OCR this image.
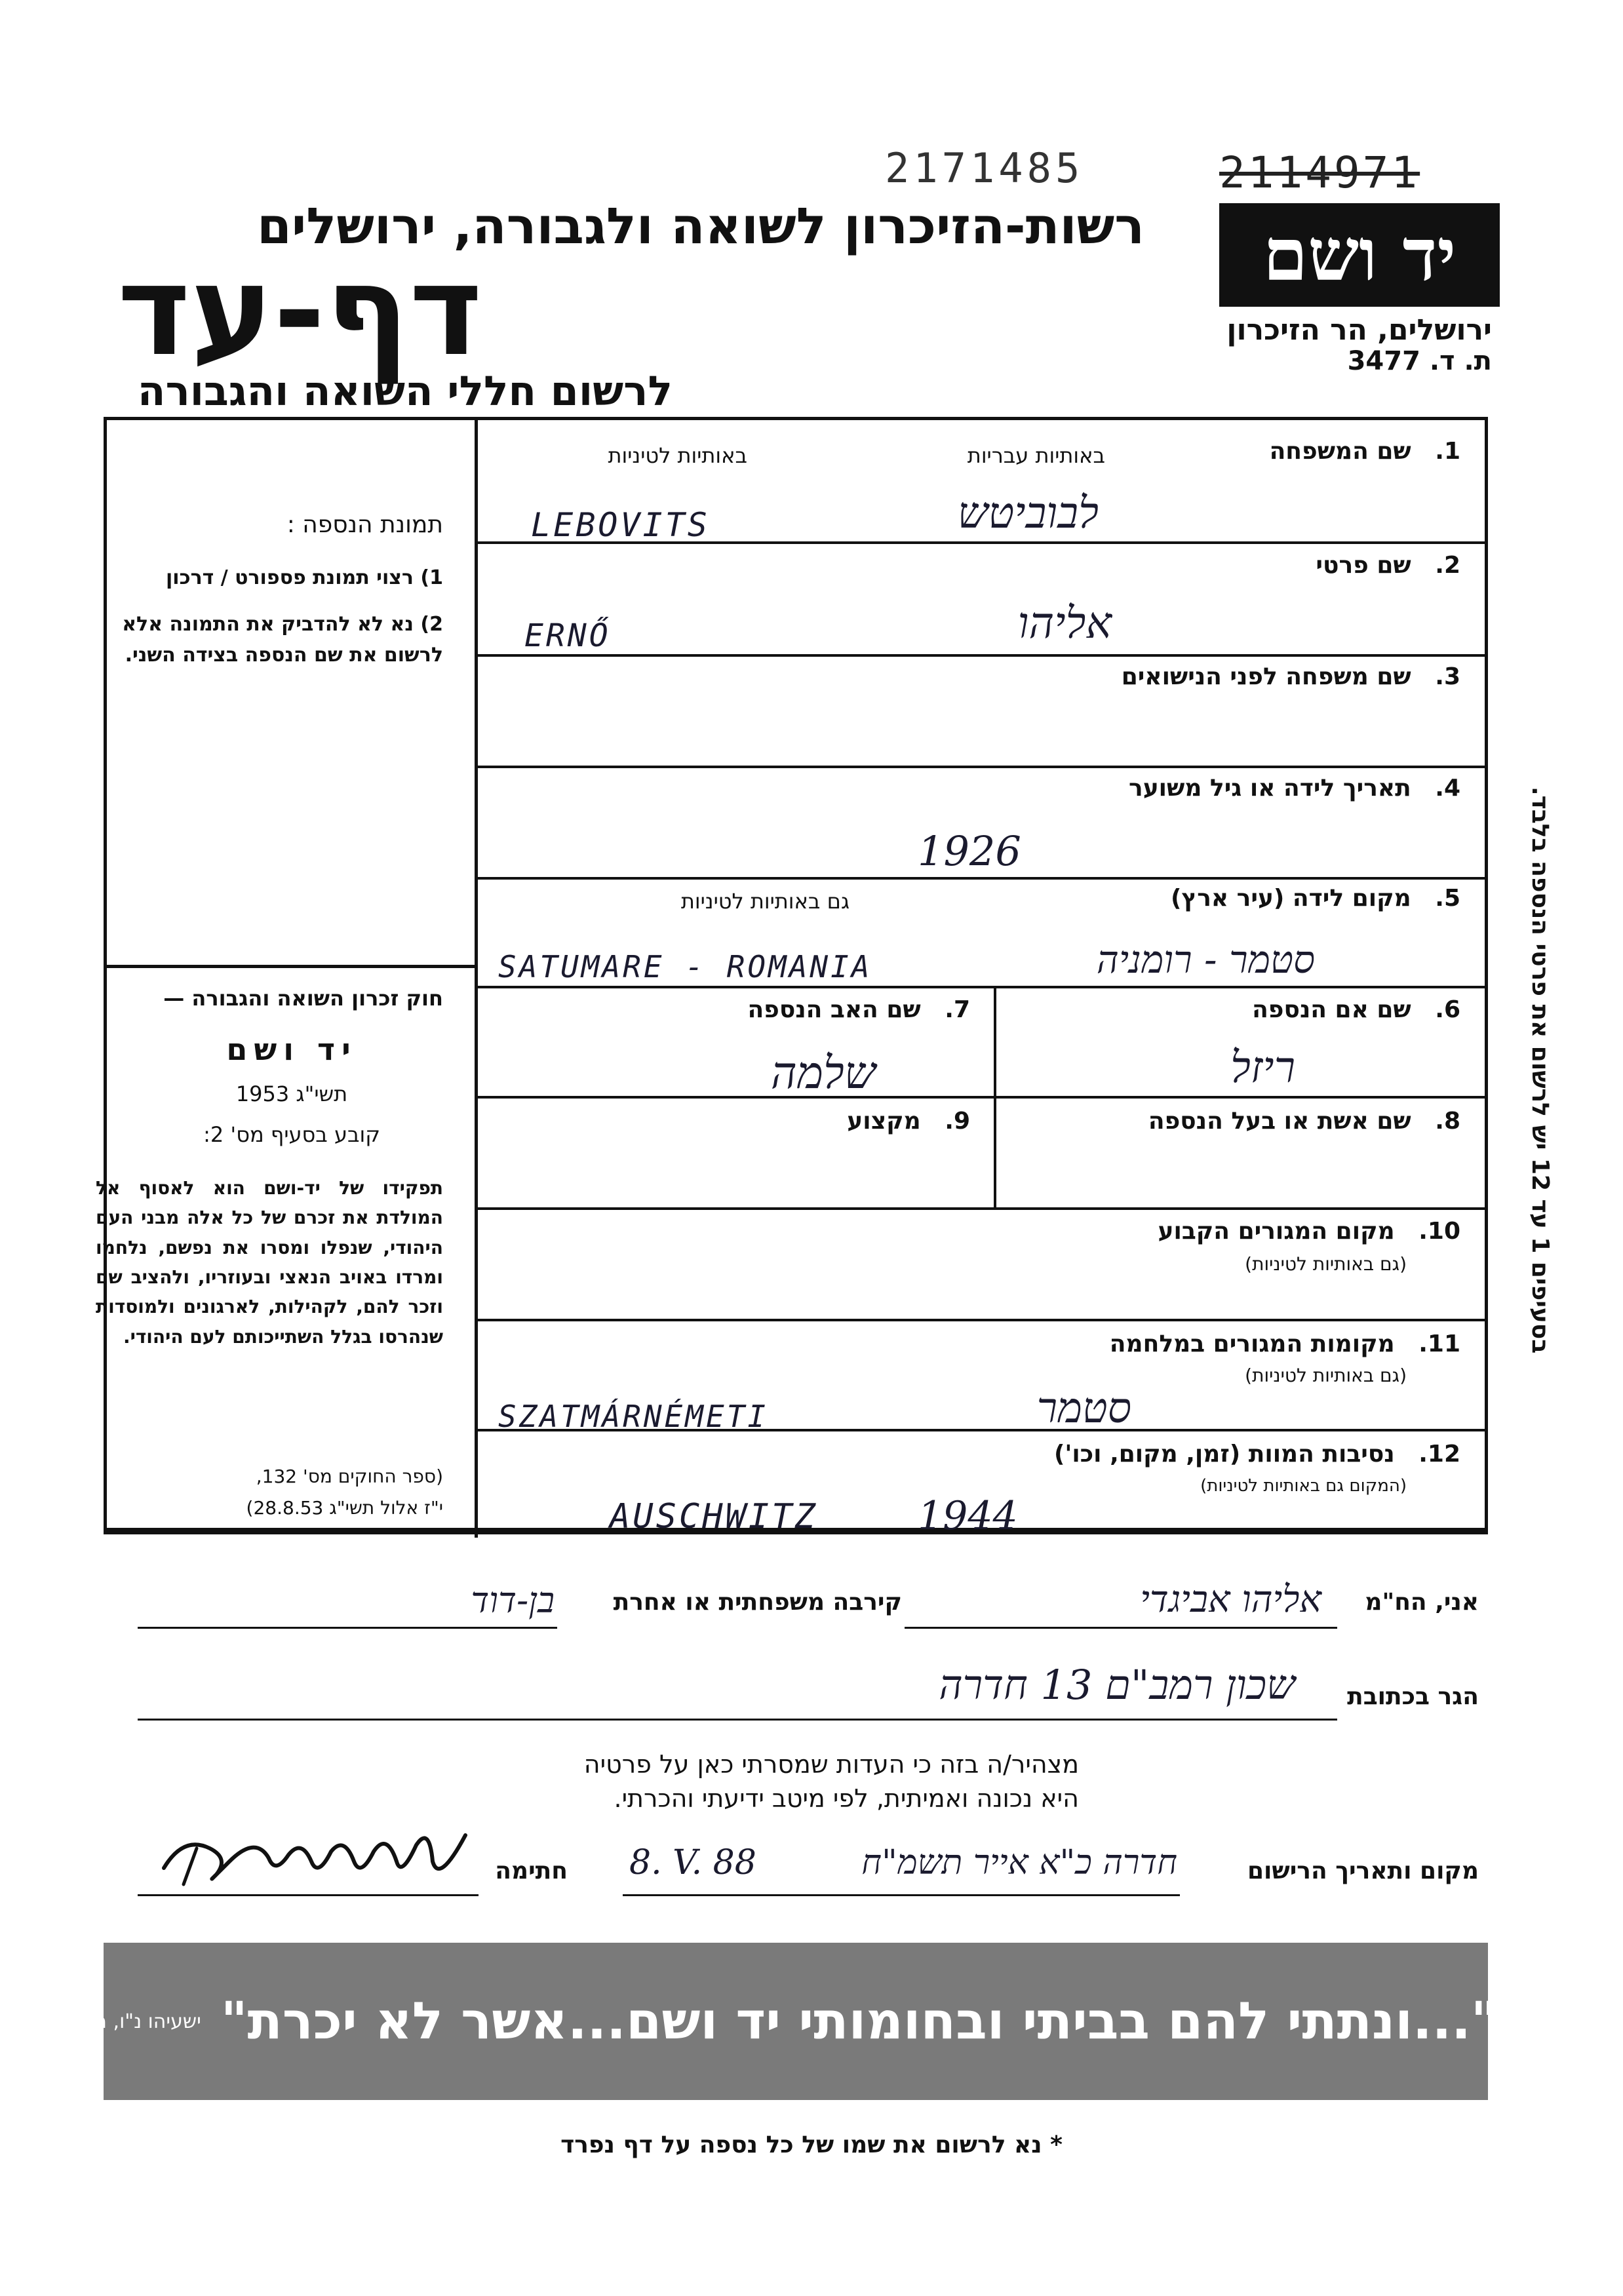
2171485	2114971
רשות-הזיכרון לשואה ולגבורה, ירושלים
דף-עד
לרשום חללי השואה והגבורה
יד ושם
ירושלים, הר הזיכרון
ת. ד. 3477
תמונת הנספה :
1) רצוי תמונת פספורט / דרכון
2) נא לא להדביק את התמונה אלא לרשום את שם הנספה בצידה השני.
חוק זכרון השואה והגבורה —
יד ושם
תשי"ג 1953
קובע בסעיף מס' 2:
תפקידו של יד-ושם הוא לאסוף אל המולדת את זכרם של כל אלה מבני העם היהודי, שנפלו ומסרו את נפשם, נלחמו ומרדו באויב הנאצי ובעוזריו, ולהציב שם וזכר להם, לקהילות, לארגונים ולמוסדות שנהרסו בגלל השתייכותם לעם היהודי.
(ספר החוקים מס' 132,
י"ז אלול תשי"ג 28.8.53)
1. שם המשפחה
באותיות עבריות
באותיות לטיניות
לבוביטש
LEBOVITS
2. שם פרטי
אליהו
ERNŐ
3. שם משפחה לפני הנישואים
4. תאריך לידה או גיל משוער
1926
5. מקום לידה (עיר ארץ)
גם באותיות לטיניות
סטמר - רומניה
SATUMARE - ROMANIA
6. שם אם הנספה
ריזל
7. שם האב הנספה
שלמה
8. שם אשת או בעל הנספה
9. מקצוע
10. מקום המגורים הקבוע
(גם באותיות לטיניות)
11. מקומות המגורים במלחמה
(גם באותיות לטיניות)
סטמר
SZATMÁRNÉMETI
12. נסיבות המוות (זמן, מקום, וכו')
(המקום גם באותיות לטיניות)
AUSCHWITZ	1944
בסעיפים 1 עד 12 יש לרשום את פרטי הנספה בלבד.
אני, הח"מ
אליהו אביגדי
קירבה משפחתית או אחרת
בן-דוד
הגר בכתובת
שכון רמב"ם 13 חדרה
מצהיר/ה בזה כי העדות שמסרתי כאן על פרטיה
היא נכונה ואמיתית, לפי מיטב ידיעתי והכרתי.
מקום ותאריך הרישום
חדרה כ"א אייר תשמ"ח
8. V. 88
חתימה
"...ונתתי להם בביתי ובחומותי יד ושם...אשר לא יכרת"
ישעיהו נ"ו, ה
* נא לרשום את שמו של כל נספה על דף נפרד
